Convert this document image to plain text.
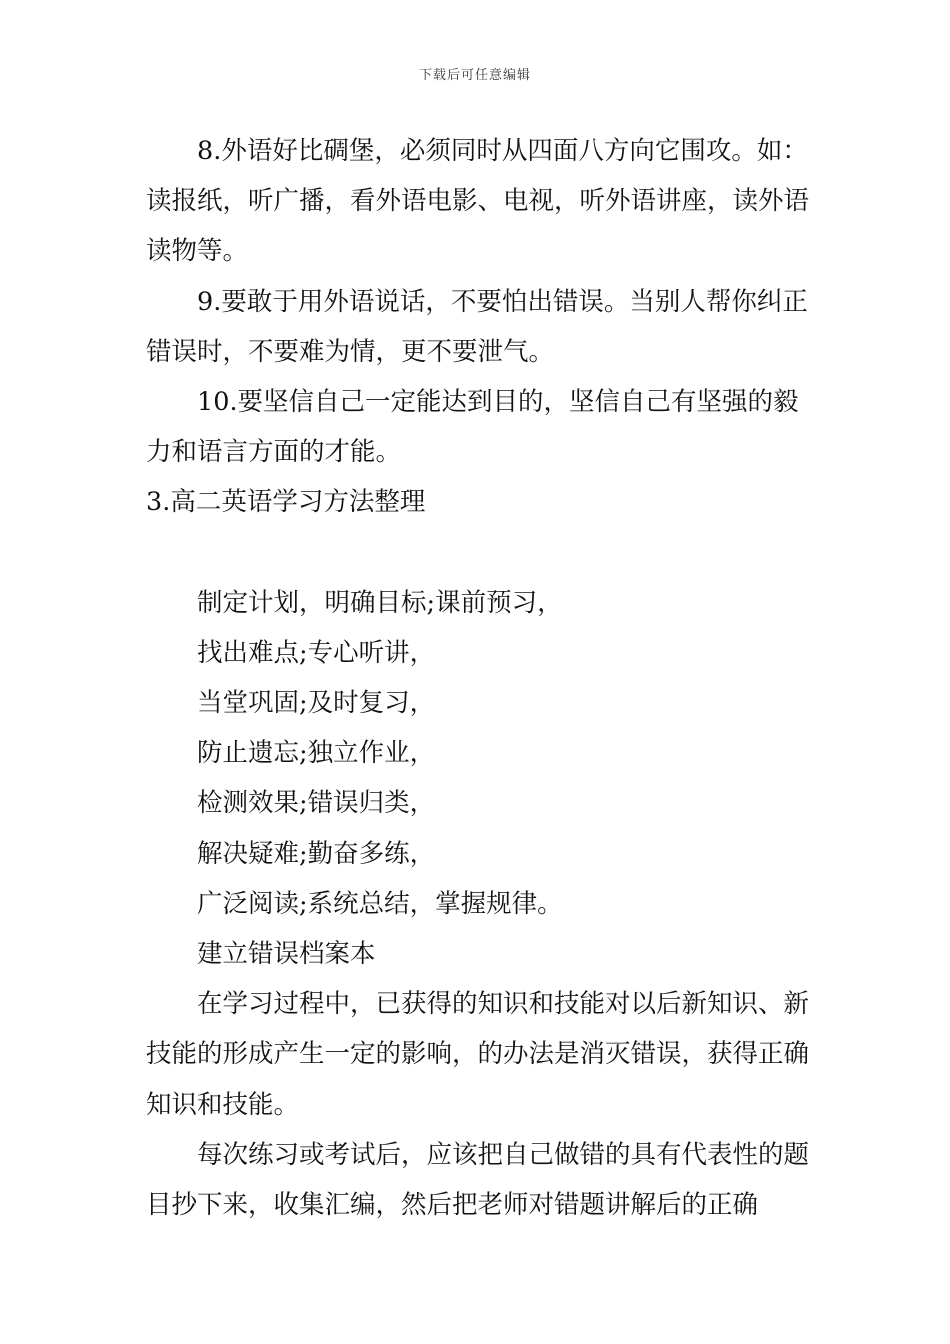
下载后可任意编辑

8.外语好比碉堡，必须同时从四面八方向它围攻。如：读报纸，听广播，看外语电影、电视，听外语讲座，读外语读物等。

9.要敢于用外语说话，不要怕出错误。当别人帮你纠正错误时，不要难为情，更不要泄气。

10.要坚信自己一定能达到目的，坚信自己有坚强的毅力和语言方面的才能。

3.高二英语学习方法整理

制定计划，明确目标;课前预习，

找出难点;专心听讲，

当堂巩固;及时复习，

防止遗忘;独立作业，

检测效果;错误归类，

解决疑难;勤奋多练，

广泛阅读;系统总结，掌握规律。

建立错误档案本

在学习过程中，已获得的知识和技能对以后新知识、新技能的形成产生一定的影响，的办法是消灭错误，获得正确知识和技能。

每次练习或考试后，应该把自己做错的具有代表性的题目抄下来，收集汇编，然后把老师对错题讲解后的正确
